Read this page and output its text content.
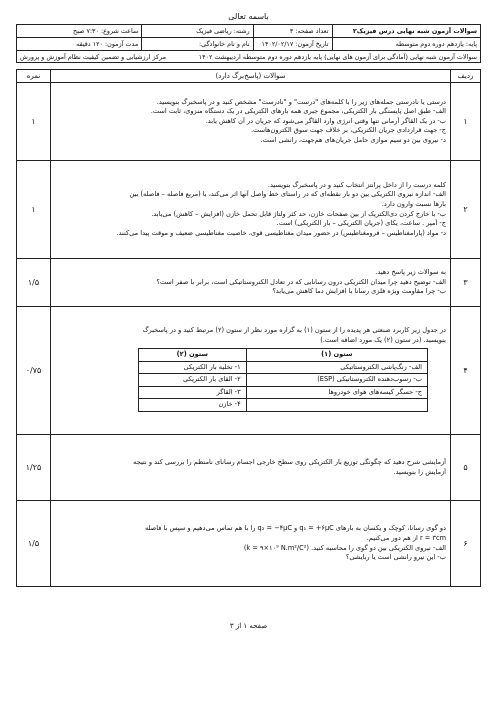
باسمه تعالی
سوالات آزمون شبه نهایی درس فیزیک۲	تعداد صفحه: ۳	رشته: ریاضی فیزیک	ساعت شروع: ۷:۳۰ صبح
پایه: یازدهم دوره دوم متوسطه	تاریخ آزمون: ۱۴۰۲/۰۲/۱۷	نام و نام خانوادگی:	مدت آزمون: ۱۲۰ دقیقه
سوالات آزمون شبه نهایی (آمادگی برای آزمون های نهایی) پایه یازدهم دوره دوم متوسطه اردیبهشت ۱۴۰۲
مرکز ارزشیابی و تضمین کیفیت نظام آموزش و پرورش
ردیف	سوالات (پاسخ‌برگ دارد)	نمره
۱	
درستی یا نادرستی جمله‌های زیر را با کلمه‌های "درست" و "نادرست" مشخص کنید و در پاسخبرگ بنویسید.
الف- طبق اصل پایستگی بار الکتریکی، مجموع جبری همه بارهای الکتریکی در یک دستگاه منزوی، ثابت است.
ب- در یک القاگر آرمانی تنها وقتی انرژی وارد القاگر می‌شود که جریان در آن کاهش یابد.
ج- جهت قراردادی جریان الکتریکی، بر خلاف جهت سوق الکترون‌هاست.
د- نیروی بین دو سیم موازی حامل جریان‌های هم‌جهت، رانشی است.
	۱
۲	
کلمه درست را از داخل پرانتز انتخاب کنید و در پاسخبرگ بنویسید.
الف- اندازه نیروی الکتریکی بین دو بار نقطه‌ای که در راستای خط واصل آنها اثر می‌کند، با (مربع فاصله – فاصله) بین
بارها نسبت وارون دارد.
ب- با خارج کردن دی‌الکتریک از بین صفحات خازن، حد کثر ولتاژ قابل تحمل خازن (افزایش – کاهش) می‌یابد.
ج- آمپر . ساعت، یکای (جریان الکتریکی – بار الکتریکی) است.
د- مواد (پارامغناطیس – فرومغناطیس) در حضور میدان مغناطیسی قوی، خاصیت مغناطیسی ضعیف و موقت پیدا می‌کنند.
	۱
۳	
به سوالات زیر پاسخ دهید.
الف- توضیح دهید چرا میدان الکتریکی درون رسانایی که در تعادل الکتروستاتیکی است، برابر با صفر است؟
ب- چرا مقاومت ویژه فلزی رسانا با افزایش دما کاهش می‌یابد؟
	۱/۵
۴	
در جدول زیر کاربرد صنعتی هر پدیده را از ستون (۱) به گزاره مورد نظر از ستون (۲) مرتبط کنید و در پاسخبرگ
بنویسید. (در ستون (۲) یک مورد اضافه است.)
ستون (۱)	ستون (۲)
الف- رنگ‌پاشی الکتروستاتیکی	۱- تخلیه بار الکتریکی
ب- رسوب‌دهنده الکتروستاتیکی (ESP)	۲- القای بار الکتریکی
ج- حسگر کیسه‌های هوای خودروها	۳- القاگر
	۴- خازن
	۰/۷۵
۵	
آزمایشی شرح دهید که چگونگی توزیع بار الکتریکی روی سطح خارجی اجسام رسانای نامنظم را بررسی کند و نتیجه
آزمایش را بنویسید.
	۱/۲۵
۶	
دو گوی رسانا، کوچک و یکسان به بارهای q₁ = +۶μC و q₂ = −۴μC را با هم تماس می‌دهیم و سپس با فاصله
r = ۳cm از هم دور می‌کنیم.
الف- نیروی الکتریکی بین دو گوی را محاسبه کنید. (k = ۹×۱۰⁹ N.m²/C²)
ب- این نیرو رانشی است یا ربایشی؟
	۱/۵
صفحه ۱ از ۳
